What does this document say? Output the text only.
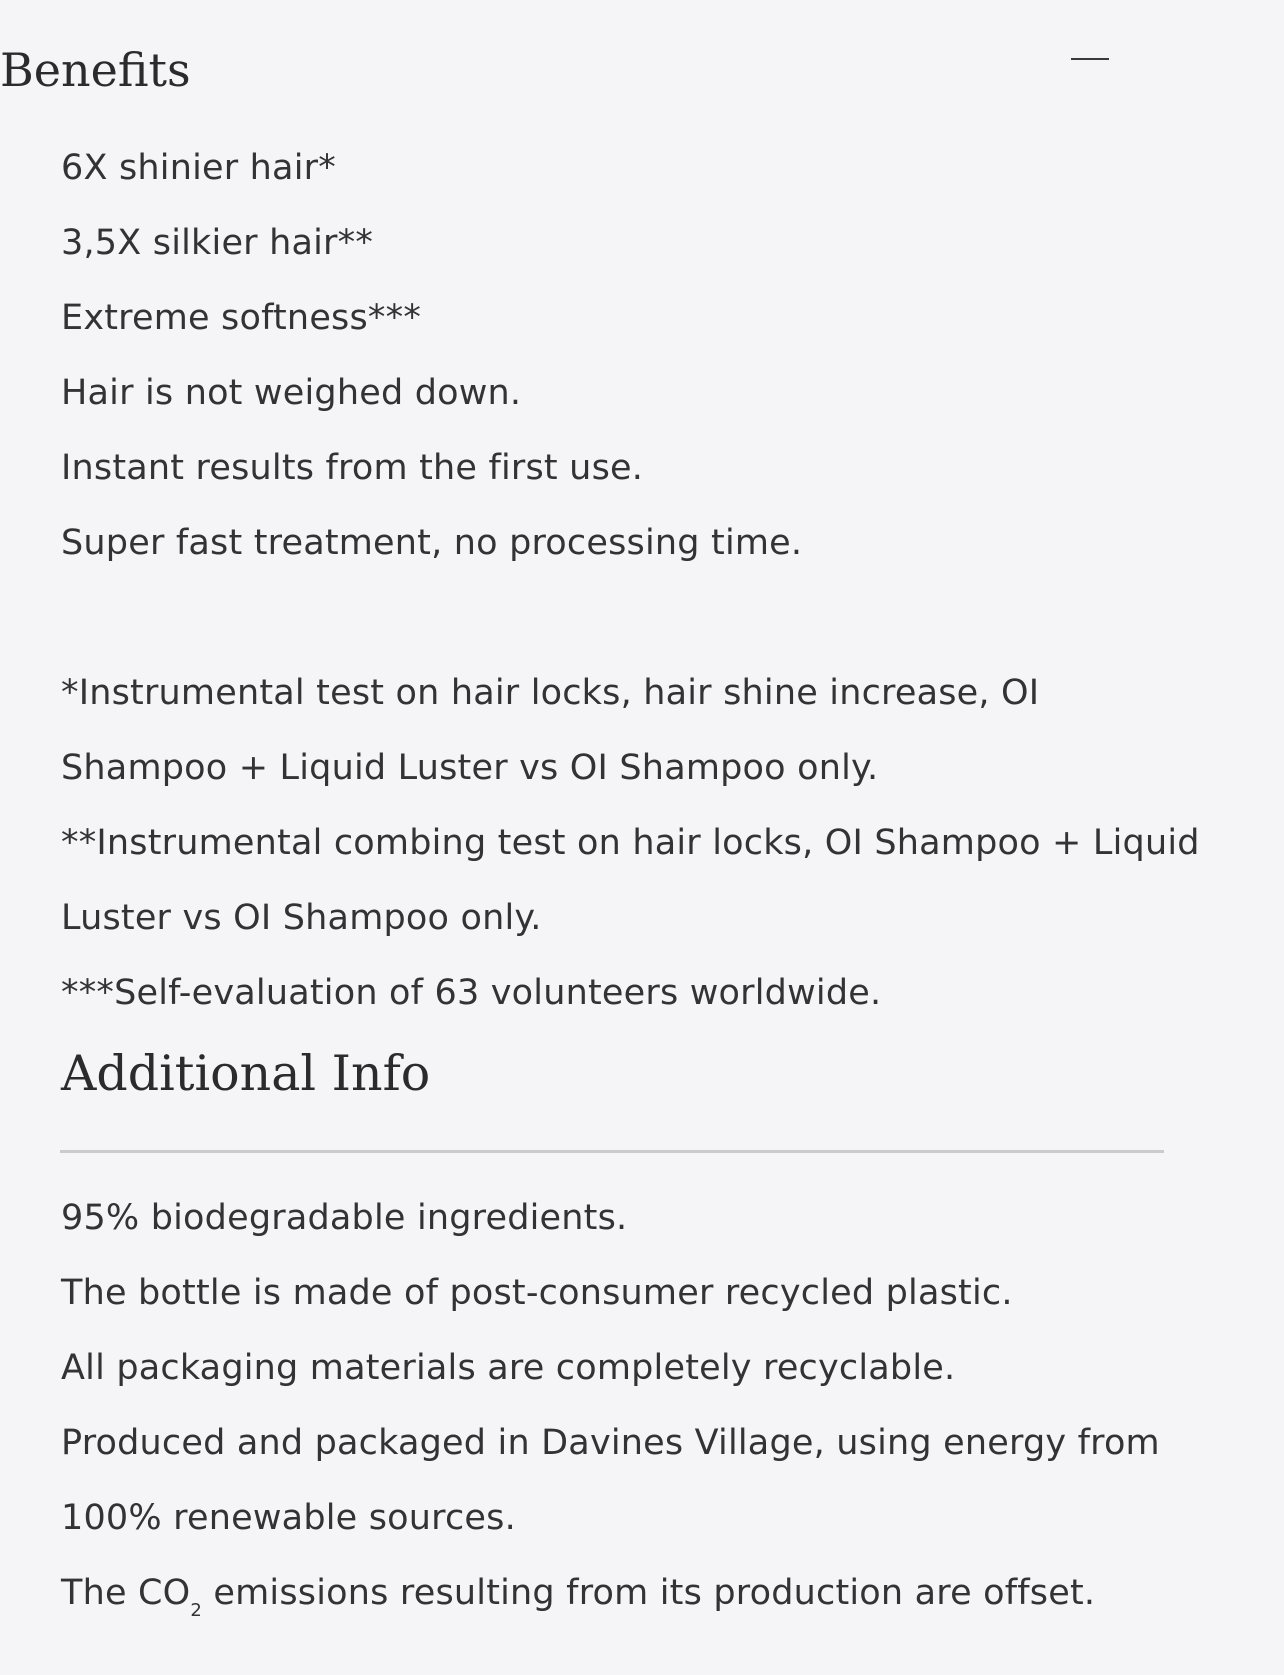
Benefits
6X shinier hair*
3,5X silkier hair**
Extreme softness***
Hair is not weighed down.
Instant results from the first use.
Super fast treatment, no processing time.
*Instrumental test on hair locks, hair shine increase, OI
Shampoo + Liquid Luster vs OI Shampoo only.
**Instrumental combing test on hair locks, OI Shampoo + Liquid
Luster vs OI Shampoo only.
***Self-evaluation of 63 volunteers worldwide.
Additional Info
95% biodegradable ingredients.
The bottle is made of post-consumer recycled plastic.
All packaging materials are completely recyclable.
Produced and packaged in Davines Village, using energy from
100% renewable sources.
The $CO_2$ emissions resulting from its production are offset.
